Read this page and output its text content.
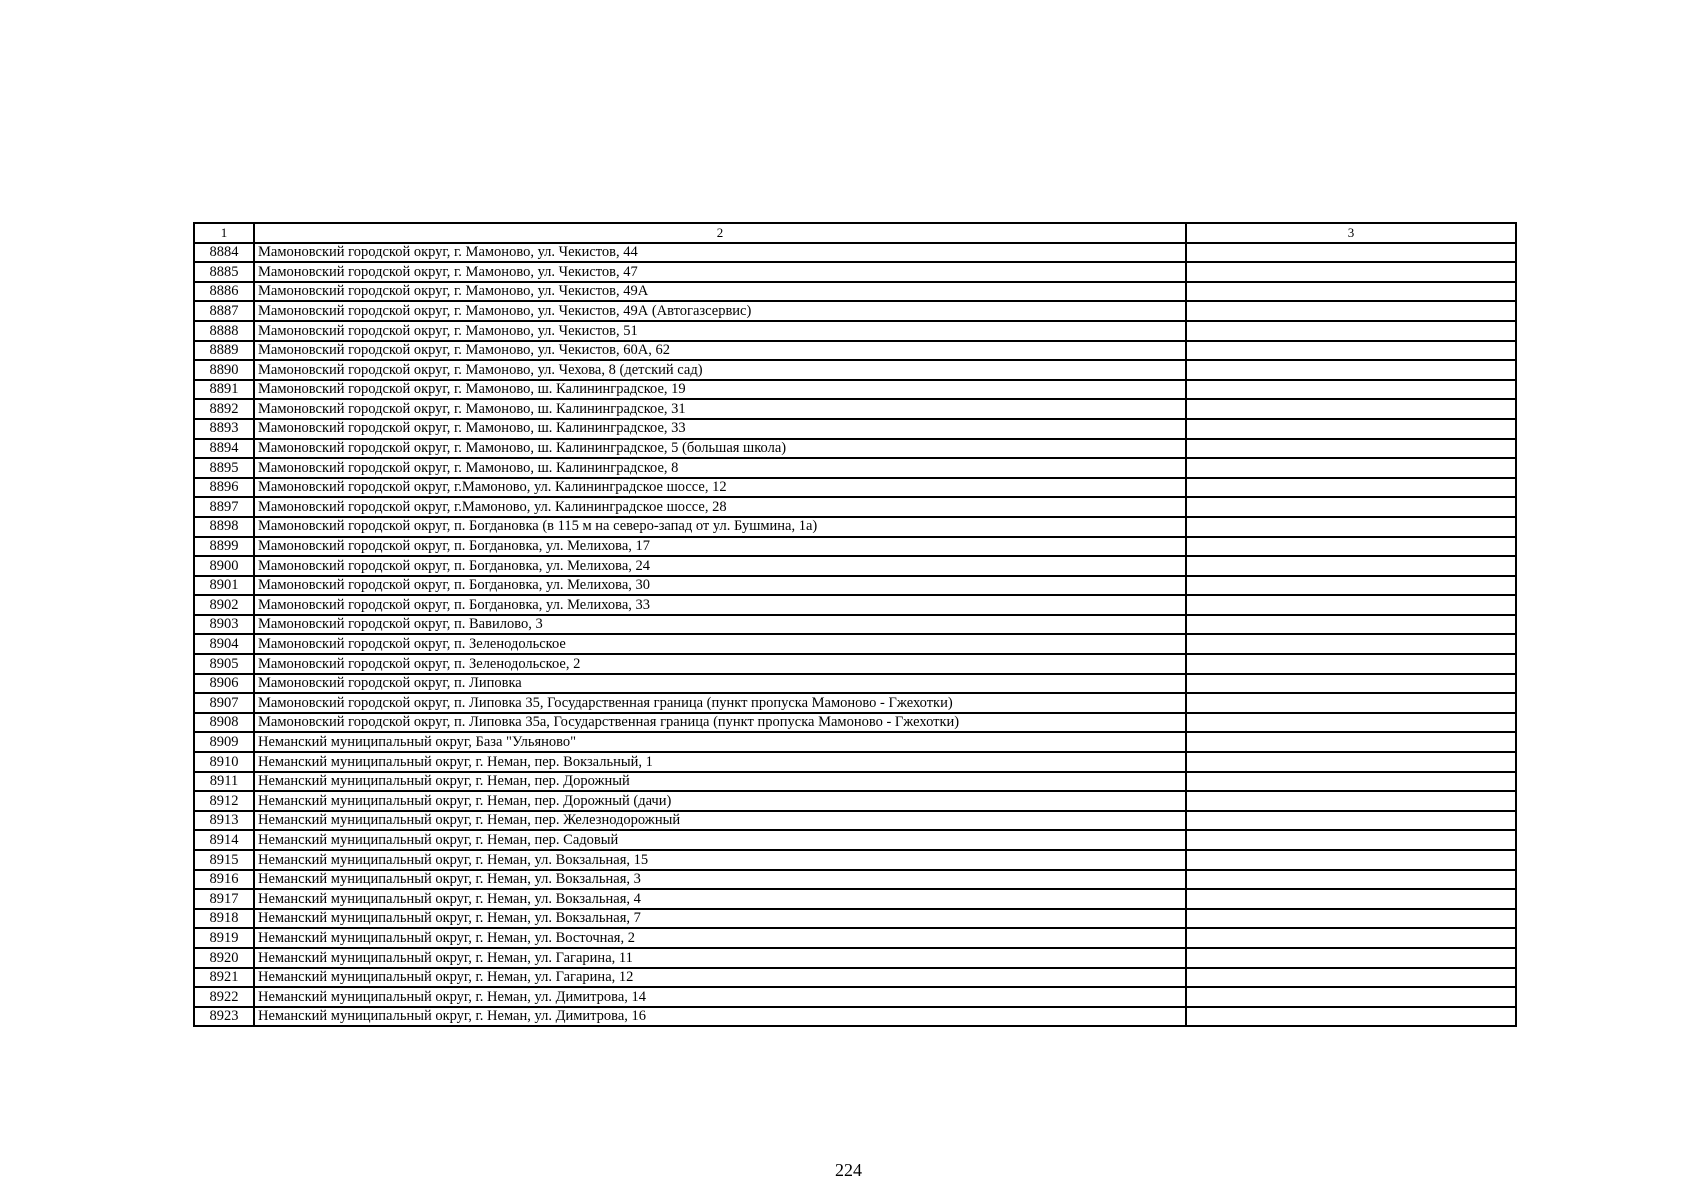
1	2	3
8884	Мамоновский городской округ, г. Мамоново, ул. Чекистов, 44	
8885	Мамоновский городской округ, г. Мамоново, ул. Чекистов, 47	
8886	Мамоновский городской округ, г. Мамоново, ул. Чекистов, 49А	
8887	Мамоновский городской округ, г. Мамоново, ул. Чекистов, 49А (Автогазсервис)	
8888	Мамоновский городской округ, г. Мамоново, ул. Чекистов, 51	
8889	Мамоновский городской округ, г. Мамоново, ул. Чекистов, 60А, 62	
8890	Мамоновский городской округ, г. Мамоново, ул. Чехова, 8 (детский сад)	
8891	Мамоновский городской округ, г. Мамоново, ш. Калининградское, 19	
8892	Мамоновский городской округ, г. Мамоново, ш. Калининградское, 31	
8893	Мамоновский городской округ, г. Мамоново, ш. Калининградское, 33	
8894	Мамоновский городской округ, г. Мамоново, ш. Калининградское, 5 (большая школа)	
8895	Мамоновский городской округ, г. Мамоново, ш. Калининградское, 8	
8896	Мамоновский городской округ, г.Мамоново, ул. Калининградское шоссе, 12	
8897	Мамоновский городской округ, г.Мамоново, ул. Калининградское шоссе, 28	
8898	Мамоновский городской округ, п. Богдановка (в 115 м на северо-запад от ул. Бушмина, 1а)	
8899	Мамоновский городской округ, п. Богдановка, ул. Мелихова, 17	
8900	Мамоновский городской округ, п. Богдановка, ул. Мелихова, 24	
8901	Мамоновский городской округ, п. Богдановка, ул. Мелихова, 30	
8902	Мамоновский городской округ, п. Богдановка, ул. Мелихова, 33	
8903	Мамоновский городской округ, п. Вавилово, 3	
8904	Мамоновский городской округ, п. Зеленодольское	
8905	Мамоновский городской округ, п. Зеленодольское, 2	
8906	Мамоновский городской округ, п. Липовка	
8907	Мамоновский городской округ, п. Липовка 35, Государственная граница (пункт пропуска Мамоново - Гжехотки)	
8908	Мамоновский городской округ, п. Липовка 35а, Государственная граница (пункт пропуска Мамоново - Гжехотки)	
8909	Неманский муниципальный округ, База "Ульяново"	
8910	Неманский муниципальный округ, г. Неман, пер. Вокзальный, 1	
8911	Неманский муниципальный округ, г. Неман, пер. Дорожный	
8912	Неманский муниципальный округ, г. Неман, пер. Дорожный (дачи)	
8913	Неманский муниципальный округ, г. Неман, пер. Железнодорожный	
8914	Неманский муниципальный округ, г. Неман, пер. Садовый	
8915	Неманский муниципальный округ, г. Неман, ул. Вокзальная, 15	
8916	Неманский муниципальный округ, г. Неман, ул. Вокзальная, 3	
8917	Неманский муниципальный округ, г. Неман, ул. Вокзальная, 4	
8918	Неманский муниципальный округ, г. Неман, ул. Вокзальная, 7	
8919	Неманский муниципальный округ, г. Неман, ул. Восточная, 2	
8920	Неманский муниципальный округ, г. Неман, ул. Гагарина, 11	
8921	Неманский муниципальный округ, г. Неман, ул. Гагарина, 12	
8922	Неманский муниципальный округ, г. Неман, ул. Димитрова, 14	
8923	Неманский муниципальный округ, г. Неман, ул. Димитрова, 16	
224
